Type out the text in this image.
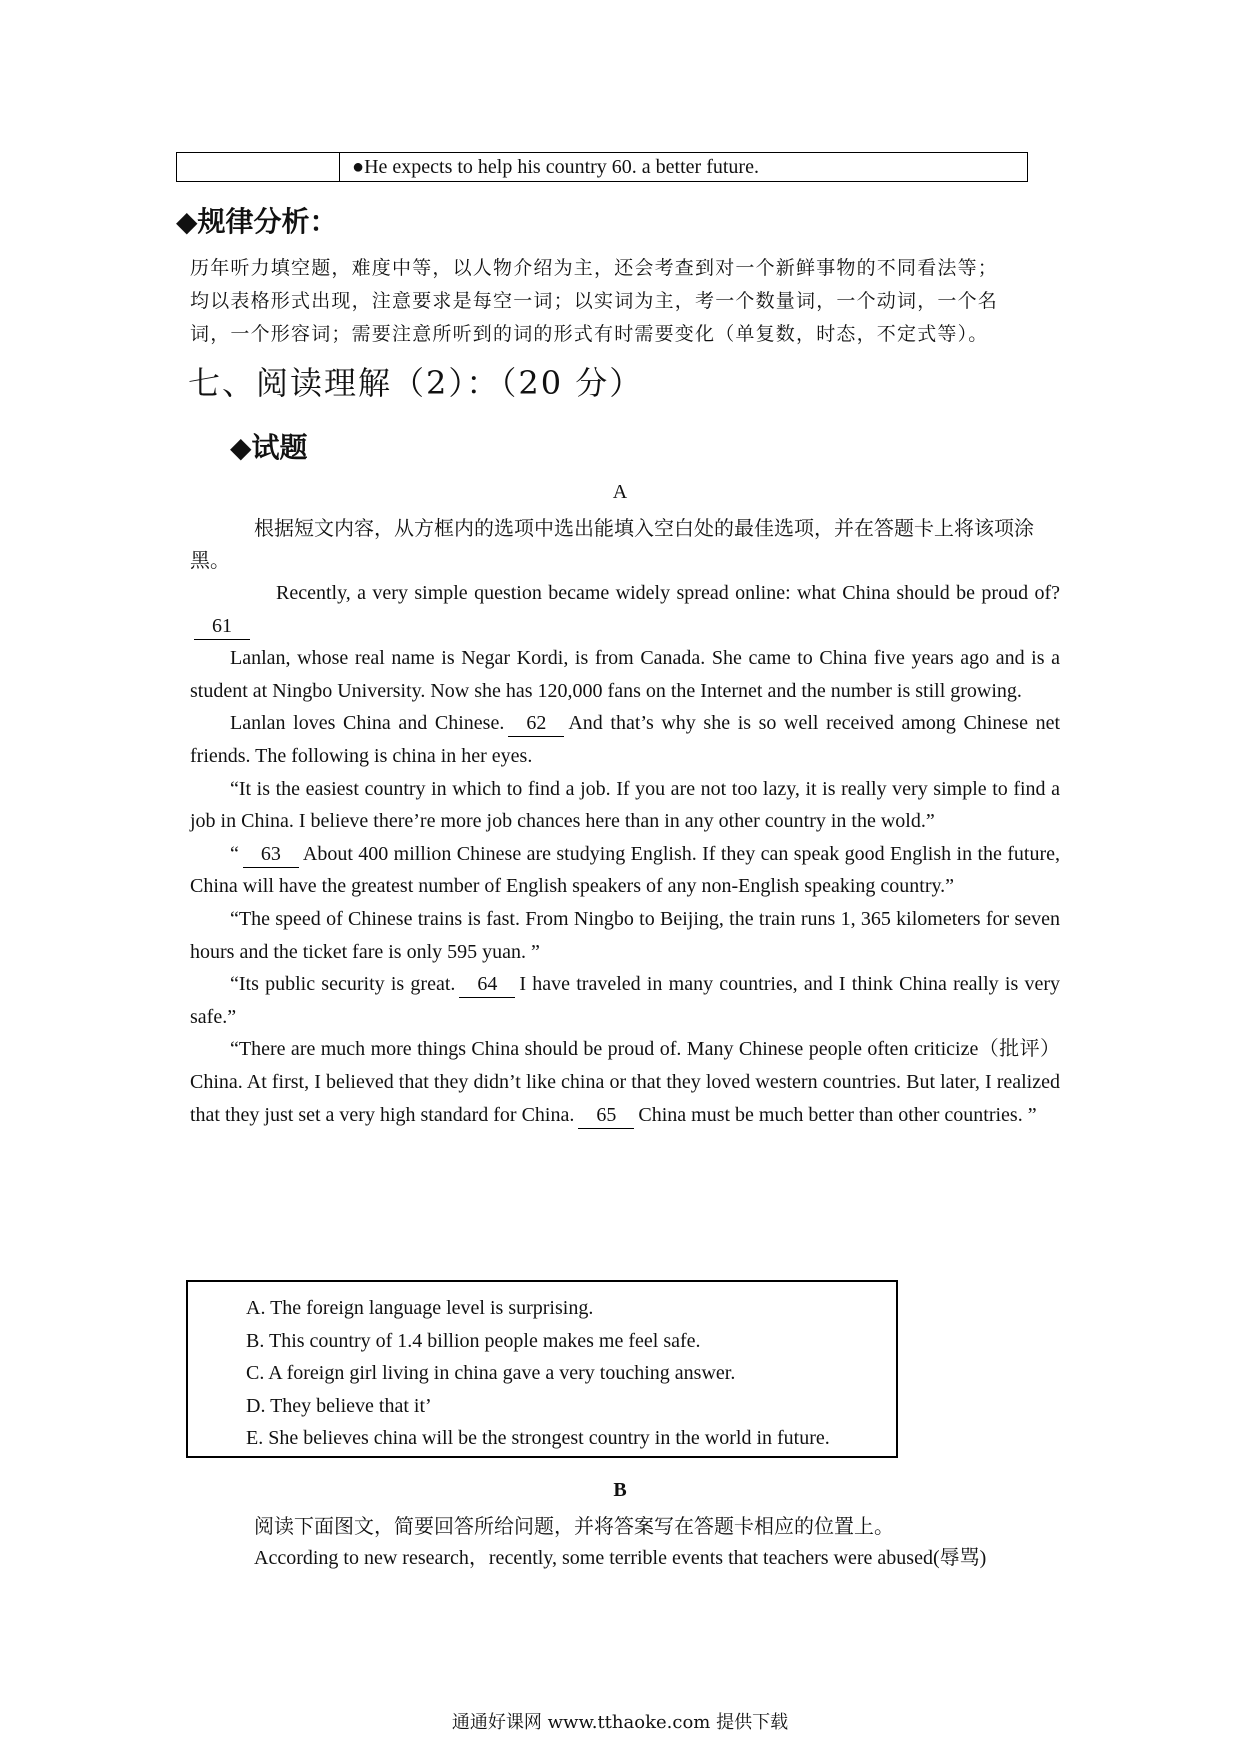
●He expects to help his country 60. a better future.
◆规律分析：
历年听力填空题，难度中等，以人物介绍为主，还会考查到对一个新鲜事物的不同看法等；
均以表格形式出现，注意要求是每空一词；以实词为主，考一个数量词，一个动词，一个名
词，一个形容词；需要注意所听到的词的形式有时需要变化（单复数，时态，不定式等）。
七、阅读理解（2）：（20 分）
◆试题
A
根据短文内容，从方框内的选项中选出能填入空白处的最佳选项，并在答题卡上将该项涂黑。

Recently, a very simple question became widely spread online: what China should be proud of?61

Lanlan, whose real name is Negar Kordi, is from Canada. She came to China five years ago and is a student at Ningbo University. Now she has 120,000 fans on the Internet and the number is still growing.

Lanlan loves China and Chinese. 62 And that’s why she is so well received among Chinese net friends. The following is china in her eyes.

“It is the easiest country in which to find a job. If you are not too lazy, it is really very simple to find a job in China. I believe there’re more job chances here than in any other country in the wold.”

“ 63 About 400 million Chinese are studying English. If they can speak good English in the future, China will have the greatest number of English speakers of any non-English speaking country.”

“The speed of Chinese trains is fast. From Ningbo to Beijing, the train runs 1, 365 kilometers for seven hours and the ticket fare is only 595 yuan. ”

“Its public security is great. 64 I have traveled in many countries, and I think China really is very safe.”

“There are much more things China should be proud of. Many Chinese people often criticize（批评）China. At first, I believed that they didn’t like china or that they loved western countries. But later, I realized that they just set a very high standard for China. 65 China must be much better than other countries. ”

A. The foreign language level is surprising.
B. This country of 1.4 billion people makes me feel safe.
C. A foreign girl living in china gave a very touching answer.
D. They believe that it’
E. She believes china will be the strongest country in the world in future.
B
阅读下面图文，简要回答所给问题，并将答案写在答题卡相应的位置上。
According to new research，recently, some terrible events that teachers were abused(辱骂)
通通好课网 www.tthaoke.com 提供下载
